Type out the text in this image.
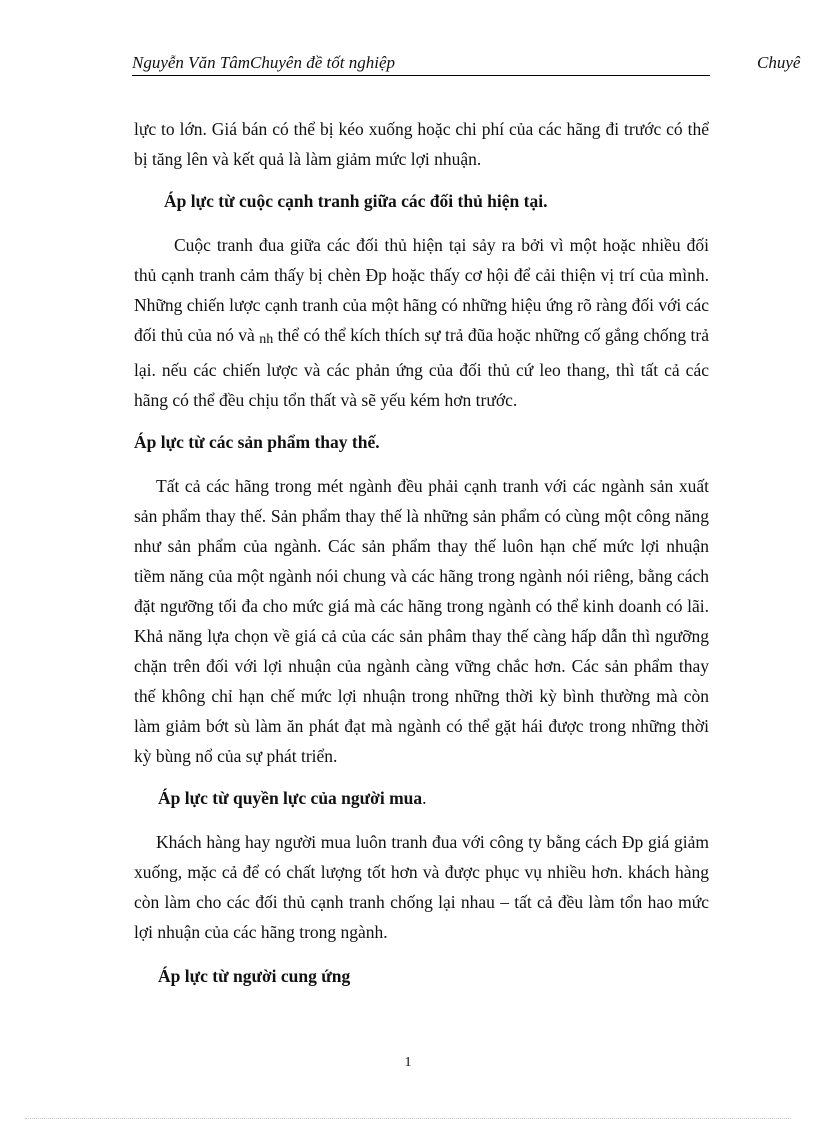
Nguyễn Văn TâmChuyên đề tốt nghiệp	Chuyê

lực to lớn. Giá bán có thể bị kéo xuống hoặc chi phí của các hãng đi trước có thể bị tăng lên và kết quả là làm giảm mức lợi nhuận.

Áp lực từ cuộc cạnh tranh giữa các đối thủ hiện tại.

Cuộc tranh đua giữa các đối thủ hiện tại sảy ra bởi vì một hoặc nhiều đối thủ cạnh tranh cảm thấy bị chèn Ðp hoặc thấy cơ hội để cải thiện vị trí của mình. Những chiến lược cạnh tranh của một hãng có những hiệu ứng rõ ràng đối với các đối thủ của nó và nh thể có thể kích thích sự trả đũa hoặc những cố gắng chống trả lại. nếu các chiến lược và các phản ứng của đối thủ cứ leo thang, thì tất cả các hãng có thể đều chịu tổn thất và sẽ yếu kém hơn trước.

Áp lực từ các sản phẩm thay thế.

Tất cả các hãng trong mét ngành đều phải cạnh tranh với các ngành sản xuất sản phẩm thay thế. Sản phẩm thay thế là những sản phẩm có cùng một công năng như sản phẩm của ngành. Các sản phẩm thay thế luôn hạn chế mức lợi nhuận tiềm năng của một ngành nói chung và các hãng trong ngành nói riêng, bằng cách đặt ngưỡng tối đa cho mức giá mà các hãng trong ngành có thể kinh doanh có lãi. Khả năng lựa chọn về giá cả của các sản phâm thay thế càng hấp dẫn thì ngưỡng chặn trên đối với lợi nhuận của ngành càng vững chắc hơn. Các sản phẩm thay thế không chỉ hạn chế mức lợi nhuận trong những thời kỳ bình thường mà còn làm giảm bớt sù làm ăn phát đạt mà ngành có thể gặt hái được trong những thời kỳ bùng nổ của sự phát triển.

Áp lực từ quyền lực của người mua.

Khách hàng hay người mua luôn tranh đua với công ty bằng cách Ðp giá giảm xuống, mặc cả để có chất lượng tốt hơn và được phục vụ nhiều hơn. khách hàng còn làm cho các đối thủ cạnh tranh chống lại nhau – tất cả đều làm tổn hao mức lợi nhuận của các hãng trong ngành.

Áp lực từ người cung ứng

1
